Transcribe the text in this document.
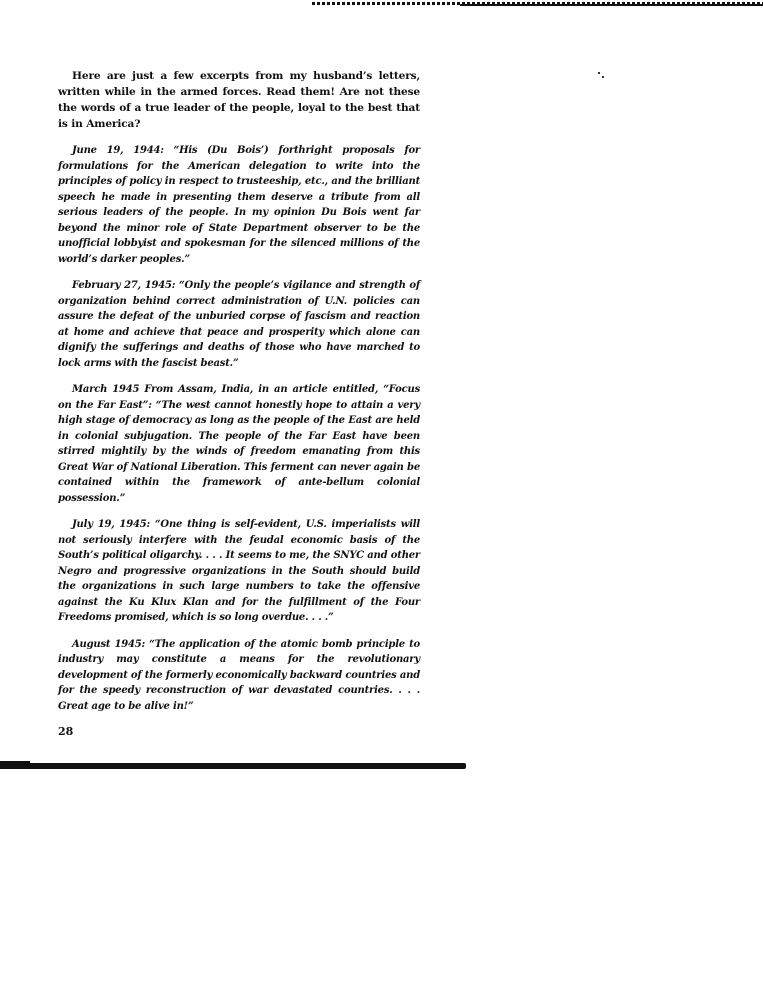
Here are just a few excerpts from my husband’s letters, written while in the armed forces. Read them! Are not these the words of a true leader of the people, loyal to the best that is in America?

June 19, 1944: “His (Du Bois’) forthright proposals for formulations for the American delegation to write into the principles of policy in respect to trusteeship, etc., and the brilliant speech he made in presenting them deserve a tribute from all serious leaders of the people. In my opinion Du Bois went far beyond the minor role of State Department observer to be the unofficial lobbyist and spokesman for the silenced millions of the world’s darker peoples.”

February 27, 1945: “Only the people’s vigilance and strength of organization behind correct administration of U.N. policies can assure the defeat of the unburied corpse of fascism and reaction at home and achieve that peace and prosperity which alone can dignify the sufferings and deaths of those who have marched to lock arms with the fascist beast.”

March 1945 From Assam, India, in an article entitled, “Focus on the Far East”: “The west cannot honestly hope to attain a very high stage of democracy as long as the people of the East are held in colonial subjugation. The people of the Far East have been stirred mightily by the winds of freedom emanating from this Great War of National Liberation. This ferment can never again be contained within the framework of ante-bellum colonial possession.”

July 19, 1945: “One thing is self-evident, U.S. imperialists will not seriously interfere with the feudal economic basis of the South’s political oligarchy. . . . It seems to me, the SNYC and other Negro and progressive organizations in the South should build the organizations in such large numbers to take the offensive against the Ku Klux Klan and for the fulfillment of the Four Freedoms promised, which is so long overdue. . . .”

August 1945: “The application of the atomic bomb principle to industry may constitute a means for the revolutionary development of the formerly economically backward countries and for the speedy reconstruction of war devastated countries. . . . Great age to be alive in!”

28
